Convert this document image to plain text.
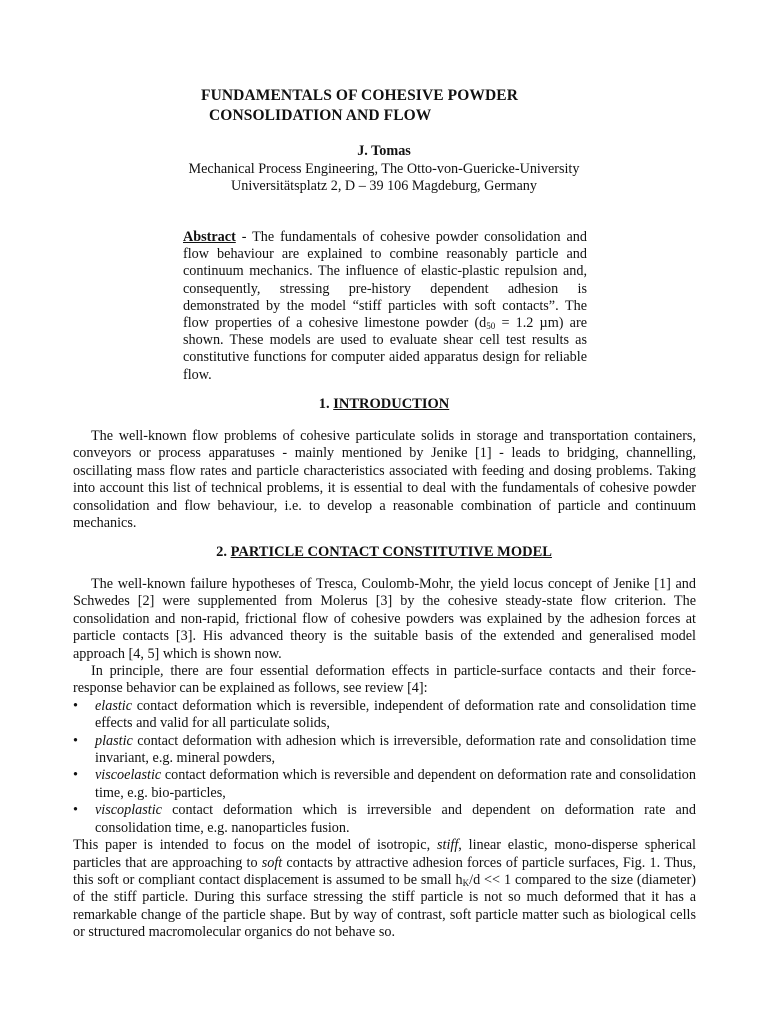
FUNDAMENTALS OF COHESIVE POWDER
CONSOLIDATION AND FLOW
J. Tomas
Mechanical Process Engineering, The Otto-von-Guericke-University
Universitätsplatz 2, D – 39 106 Magdeburg, Germany
Abstract - The fundamentals of cohesive powder consolidation and flow behaviour are explained to combine reasonably particle and continuum mechanics. The influence of elastic-plastic repulsion and, consequently, stressing pre-history dependent adhesion is demonstrated by the model “stiff particles with soft contacts”. The flow properties of a cohesive limestone powder ($d_{50} = 1.2$ µm) are shown. These models are used to evaluate shear cell test results as constitutive functions for computer aided apparatus design for reliable flow.
1. INTRODUCTION

The well-known flow problems of cohesive particulate solids in storage and transportation containers, conveyors or process apparatuses - mainly mentioned by Jenike [1] - leads to bridging, channelling, oscillating mass flow rates and particle characteristics associated with feeding and dosing problems. Taking into account this list of technical problems, it is essential to deal with the fundamentals of cohesive powder consolidation and flow behaviour, i.e. to develop a reasonable combination of particle and continuum mechanics.

2. PARTICLE CONTACT CONSTITUTIVE MODEL

The well-known failure hypotheses of Tresca, Coulomb-Mohr, the yield locus concept of Jenike [1] and Schwedes [2] were supplemented from Molerus [3] by the cohesive steady-state flow criterion. The consolidation and non-rapid, frictional flow of cohesive powders was explained by the adhesion forces at particle contacts [3]. His advanced theory is the suitable basis of the extended and generalised model approach [4, 5] which is shown now.

In principle, there are four essential deformation effects in particle-surface contacts and their force-response behavior can be explained as follows, see review [4]:

• elastic contact deformation which is reversible, independent of deformation rate and consolidation time effects and valid for all particulate solids,
• plastic contact deformation with adhesion which is irreversible, deformation rate and consolidation time invariant, e.g. mineral powders,
• viscoelastic contact deformation which is reversible and dependent on deformation rate and consolidation time, e.g. bio-particles,
• viscoplastic contact deformation which is irreversible and dependent on deformation rate and consolidation time, e.g. nanoparticles fusion.

This paper is intended to focus on the model of isotropic, stiff, linear elastic, mono-disperse spherical particles that are approaching to soft contacts by attractive adhesion forces of particle surfaces, Fig. 1. Thus, this soft or compliant contact displacement is assumed to be small $h_K/d << 1$ compared to the size (diameter) of the stiff particle. During this surface stressing the stiff particle is not so much deformed that it has a remarkable change of the particle shape. But by way of contrast, soft particle matter such as biological cells or structured macromolecular organics do not behave so.
